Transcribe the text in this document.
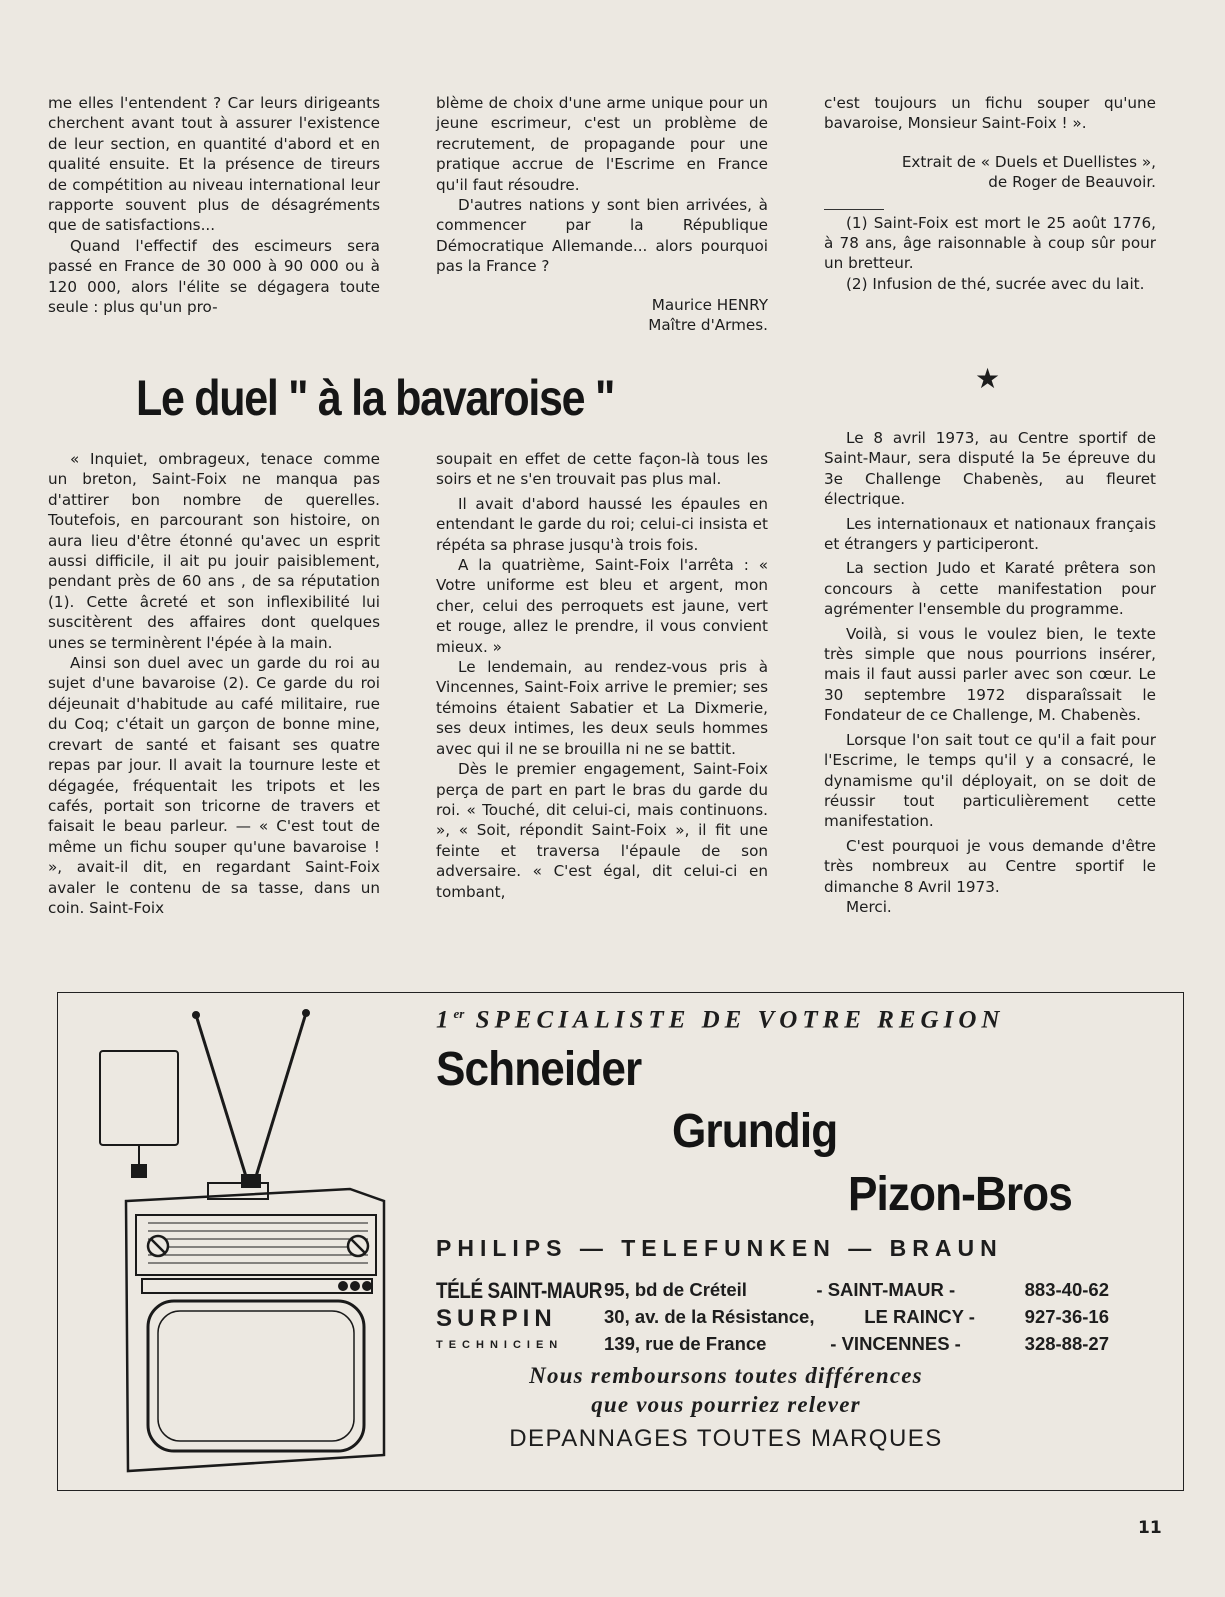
me elles l'entendent ? Car leurs dirigeants cherchent avant tout à assurer l'existence de leur section, en quantité d'abord et en qualité ensuite. Et la présence de tireurs de compétition au niveau international leur rapporte souvent plus de désagréments que de satisfactions...

Quand l'effectif des escimeurs sera passé en France de 30 000 à 90 000 ou à 120 000, alors l'élite se dégagera toute seule : plus qu'un pro-

blème de choix d'une arme unique pour un jeune escrimeur, c'est un problème de recrutement, de propagande pour une pratique accrue de l'Escrime en France qu'il faut résoudre.

D'autres nations y sont bien arrivées, à commencer par la République Démocratique Allemande... alors pourquoi pas la France ?

Maurice HENRY

Maître d'Armes.

c'est toujours un fichu souper qu'une bavaroise, Monsieur Saint-Foix ! ».

Extrait de « Duels et Duellistes »,

de Roger de Beauvoir.

(1) Saint-Foix est mort le 25 août 1776, à 78 ans, âge raisonnable à coup sûr pour un bretteur.

(2) Infusion de thé, sucrée avec du lait.

★
Le duel " à la bavaroise "

« Inquiet, ombrageux, tenace comme un breton, Saint-Foix ne manqua pas d'attirer bon nombre de querelles. Toutefois, en parcourant son histoire, on aura lieu d'être étonné qu'avec un esprit aussi difficile, il ait pu jouir paisiblement, pendant près de 60 ans , de sa réputation (1). Cette âcreté et son inflexibilité lui suscitèrent des affaires dont quelques unes se terminèrent l'épée à la main.

Ainsi son duel avec un garde du roi au sujet d'une bavaroise (2). Ce garde du roi déjeunait d'habitude au café militaire, rue du Coq; c'était un garçon de bonne mine, crevart de santé et faisant ses quatre repas par jour. Il avait la tournure leste et dégagée, fréquentait les tripots et les cafés, portait son tricorne de travers et faisait le beau parleur. — « C'est tout de même un fichu souper qu'une bavaroise ! », avait-il dit, en regardant Saint-Foix avaler le contenu de sa tasse, dans un coin. Saint-Foix

soupait en effet de cette façon-là tous les soirs et ne s'en trouvait pas plus mal.

Il avait d'abord haussé les épaules en entendant le garde du roi; celui-ci insista et répéta sa phrase jusqu'à trois fois.

A la quatrième, Saint-Foix l'arrêta : « Votre uniforme est bleu et argent, mon cher, celui des perroquets est jaune, vert et rouge, allez le prendre, il vous convient mieux. »

Le lendemain, au rendez-vous pris à Vincennes, Saint-Foix arrive le premier; ses témoins étaient Sabatier et La Dixmerie, ses deux intimes, les deux seuls hommes avec qui il ne se brouilla ni ne se battit.

Dès le premier engagement, Saint-Foix perça de part en part le bras du garde du roi. « Touché, dit celui-ci, mais continuons. », « Soit, répondit Saint-Foix », il fit une feinte et traversa l'épaule de son adversaire. « C'est égal, dit celui-ci en tombant,

Le 8 avril 1973, au Centre sportif de Saint-Maur, sera disputé la 5e épreuve du 3e Challenge Chabenès, au fleuret électrique.

Les internationaux et nationaux français et étrangers y participeront.

La section Judo et Karaté prêtera son concours à cette manifestation pour agrémenter l'ensemble du programme.

Voilà, si vous le voulez bien, le texte très simple que nous pourrions insérer, mais il faut aussi parler avec son cœur. Le 30 septembre 1972 disparaîssait le Fondateur de ce Challenge, M. Chabenès.

Lorsque l'on sait tout ce qu'il a fait pour l'Escrime, le temps qu'il y a consacré, le dynamisme qu'il déployait, on se doit de réussir tout particulièrement cette manifestation.

C'est pourquoi je vous demande d'être très nombreux au Centre sportif le dimanche 8 Avril 1973.

Merci.

1er SPECIALISTE DE VOTRE REGION
Schneider
Grundig
Pizon-Bros
PHILIPS — TELEFUNKEN — BRAUN
TÉLÉ SAINT-MAUR 95, bd de Créteil	- SAINT-MAUR -	883-40-62
SURPIN	30, av. de la Résistance,	LE RAINCY -	927-36-16
TECHNICIEN 139, rue de France	- VINCENNES -	328-88-27
Nous remboursons toutes différences
que vous pourriez relever
DEPANNAGES TOUTES MARQUES
11
